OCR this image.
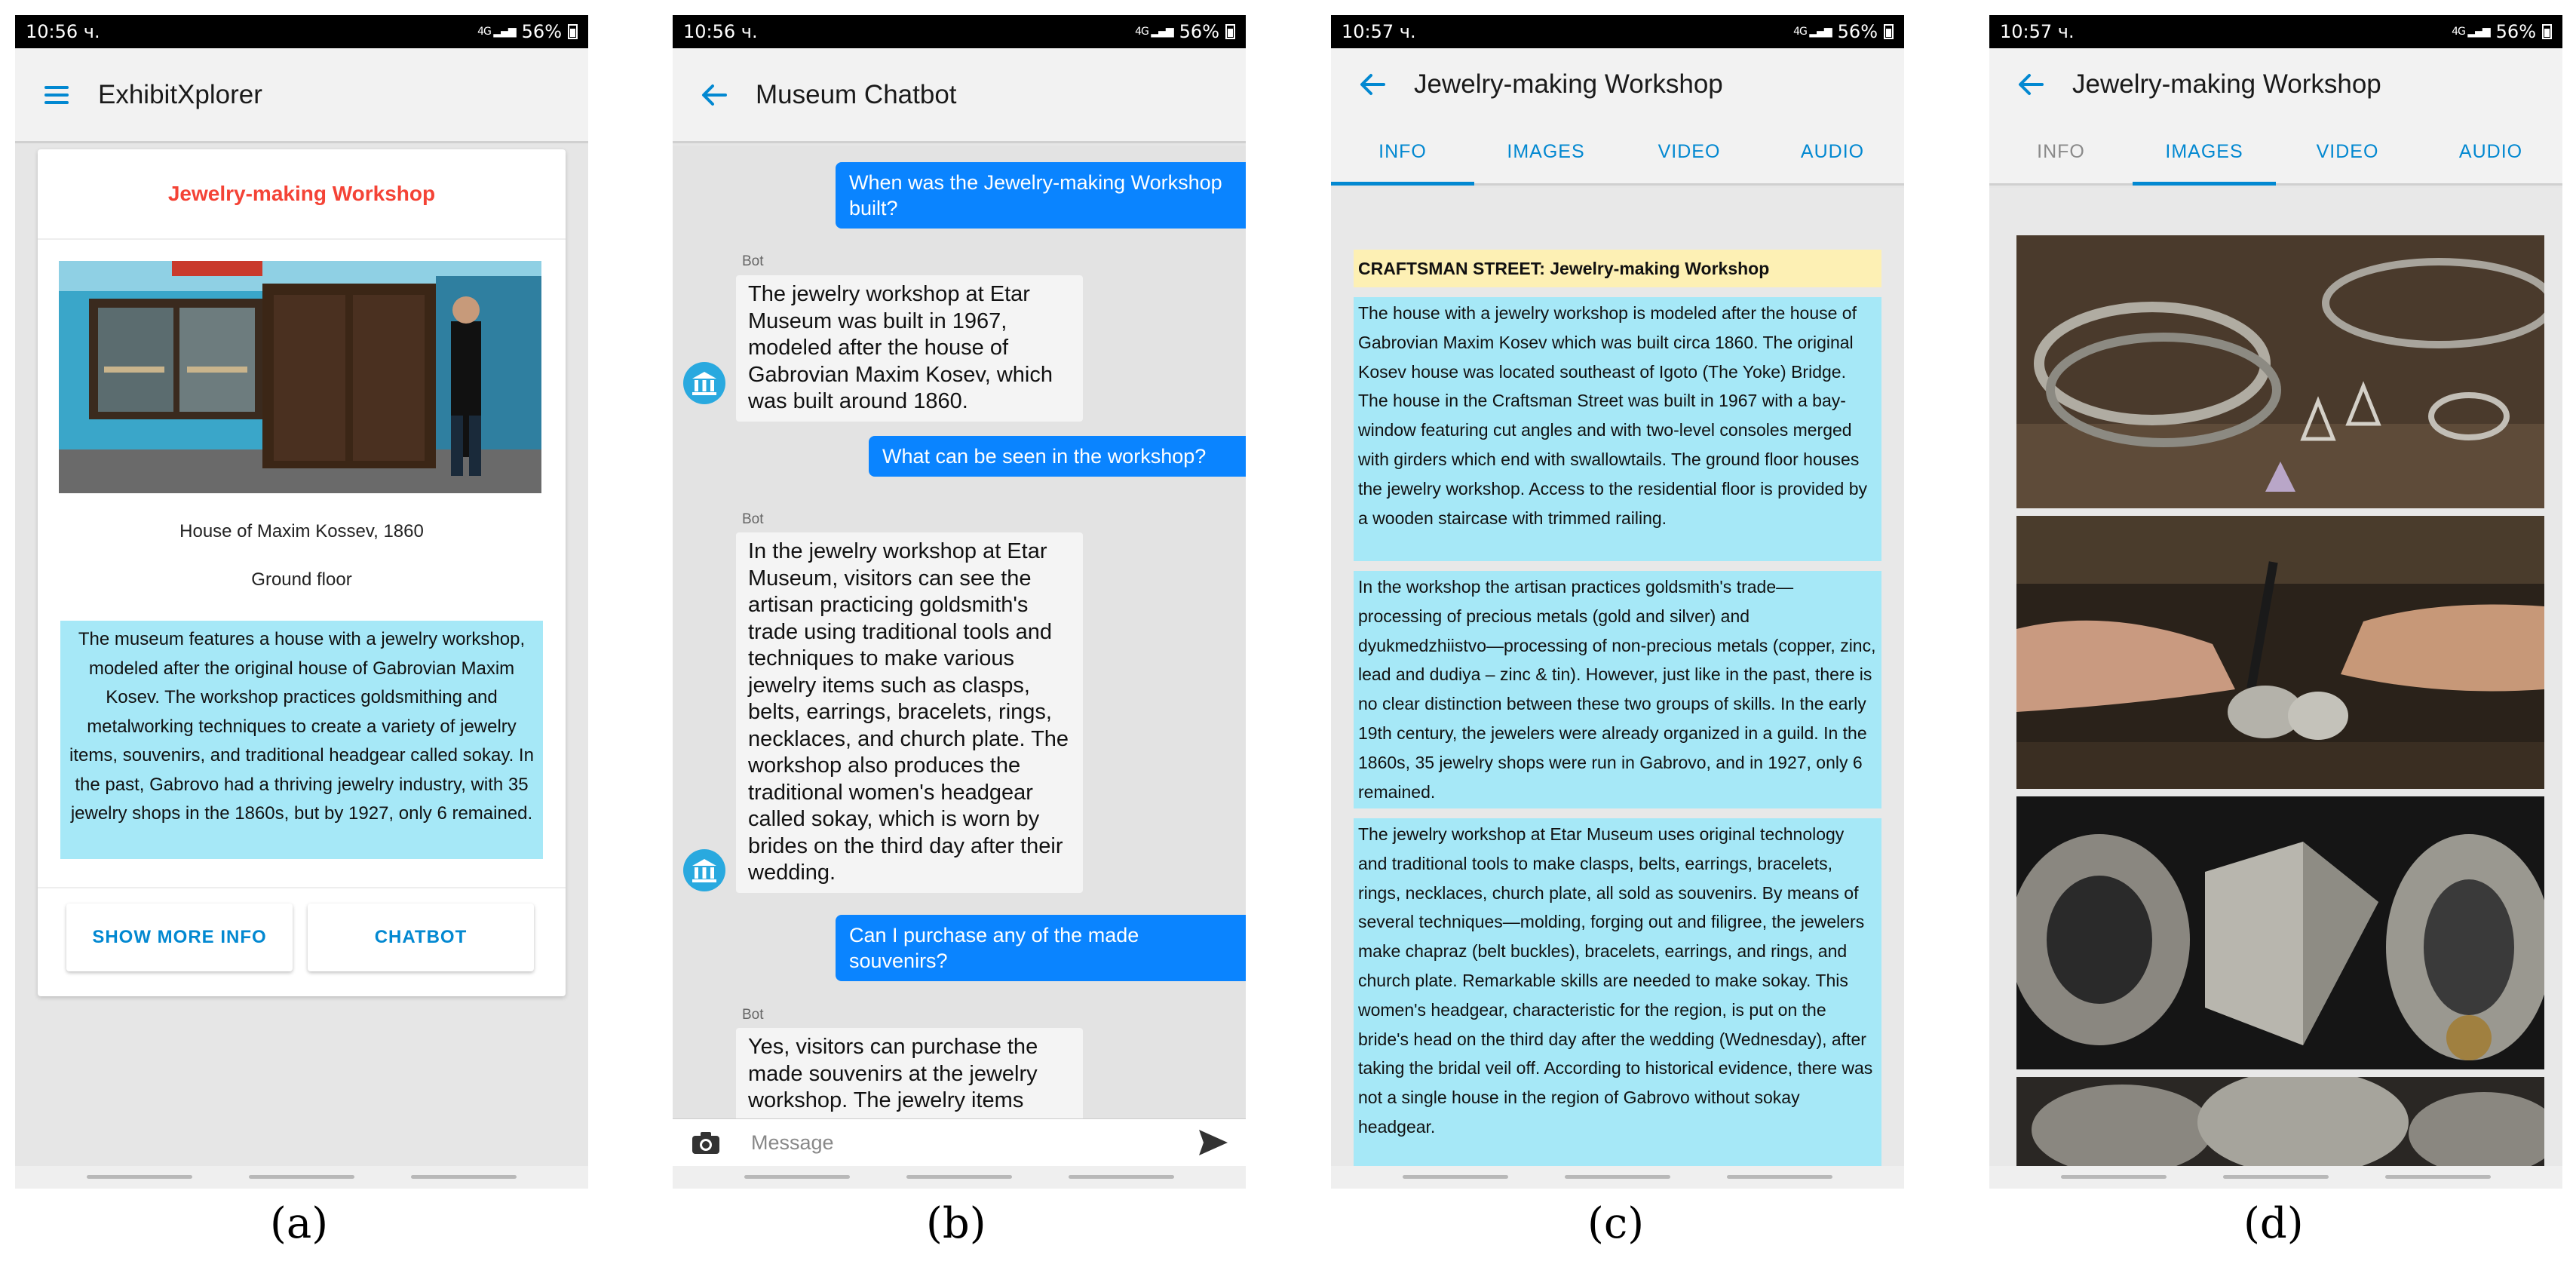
10:56 ч.	4G ▂▄▆ 56%
ExhibitXplorer
Jewelry-making Workshop
House of Maxim Kossev, 1860
Ground floor
The museum features a house with a jewelry workshop, modeled after the original house of Gabrovian Maxim Kosev. The workshop practices goldsmithing and metalworking techniques to create a variety of jewelry items, souvenirs, and traditional headgear called sokay. In the past, Gabrovo had a thriving jewelry industry, with 35 jewelry shops in the 1860s, but by 1927, only 6 remained.
SHOW MORE INFO	CHATBOT
10:56 ч.	4G ▂▄▆ 56%
Museum Chatbot
When was the Jewelry-making Workshop built?
Bot
The jewelry workshop at Etar Museum was built in 1967, modeled after the house of Gabrovian Maxim Kosev, which was built around 1860.
What can be seen in the workshop?
Bot
In the jewelry workshop at Etar Museum, visitors can see the artisan practicing goldsmith's trade using traditional tools and techniques to make various jewelry items such as clasps, belts, earrings, bracelets, rings, necklaces, and church plate. The workshop also produces the traditional women's headgear called sokay, which is worn by brides on the third day after their wedding.
Can I purchase any of the made souvenirs?
Bot
Yes, visitors can purchase the made souvenirs at the jewelry workshop. The jewelry items
Message
10:57 ч.	4G ▂▄▆ 56%
Jewelry-making Workshop
INFO	IMAGES	VIDEO	AUDIO
CRAFTSMAN STREET: Jewelry-making Workshop
The house with a jewelry workshop is modeled after the house of Gabrovian Maxim Kosev which was built circa 1860. The original Kosev house was located southeast of Igoto (The Yoke) Bridge. The house in the Craftsman Street was built in 1967 with a bay-window featuring cut angles and with two-level consoles merged with girders which end with swallowtails. The ground floor houses the jewelry workshop. Access to the residential floor is provided by a wooden staircase with trimmed railing.
In the workshop the artisan practices goldsmith's trade—processing of precious metals (gold and silver) and dyukmedzhiistvo—processing of non-precious metals (copper, zinc, lead and dudiya – zinc & tin). However, just like in the past, there is no clear distinction between these two groups of skills. In the early 19th century, the jewelers were already organized in a guild. In the 1860s, 35 jewelry shops were run in Gabrovo, and in 1927, only 6 remained.
The jewelry workshop at Etar Museum uses original technology and traditional tools to make clasps, belts, earrings, bracelets, rings, necklaces, church plate, all sold as souvenirs. By means of several techniques—molding, forging out and filigree, the jewelers make chapraz (belt buckles), bracelets, earrings, and rings, and church plate. Remarkable skills are needed to make sokay. This women's headgear, characteristic for the region, is put on the bride's head on the third day after the wedding (Wednesday), after taking the bridal veil off. According to historical evidence, there was not a single house in the region of Gabrovo without sokay headgear.
10:57 ч.	4G ▂▄▆ 56%
Jewelry-making Workshop
INFO	IMAGES	VIDEO	AUDIO
(a)	(b)	(c)	(d)
